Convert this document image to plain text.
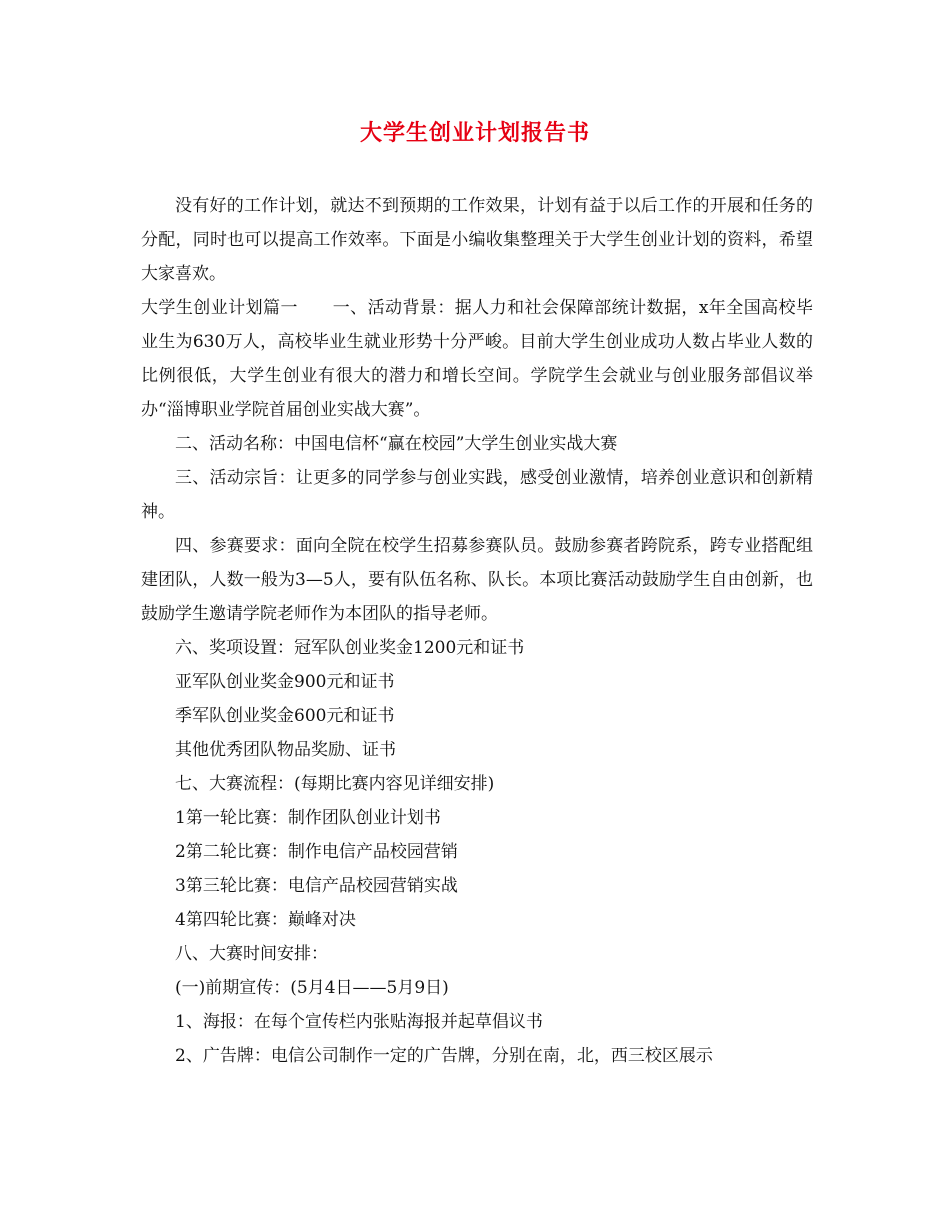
大学生创业计划报告书

没有好的工作计划，就达不到预期的工作效果，计划有益于以后工作的开展和任务的分配，同时也可以提高工作效率。下面是小编收集整理关于大学生创业计划的资料，希望大家喜欢。

大学生创业计划篇一　　一、活动背景：据人力和社会保障部统计数据，x年全国高校毕业生为630万人，高校毕业生就业形势十分严峻。目前大学生创业成功人数占毕业人数的比例很低，大学生创业有很大的潜力和增长空间。学院学生会就业与创业服务部倡议举办“淄博职业学院首届创业实战大赛”。

二、活动名称：中国电信杯“赢在校园”大学生创业实战大赛

三、活动宗旨：让更多的同学参与创业实践，感受创业激情，培养创业意识和创新精神。

四、参赛要求：面向全院在校学生招募参赛队员。鼓励参赛者跨院系，跨专业搭配组建团队，人数一般为3—5人，要有队伍名称、队长。本项比赛活动鼓励学生自由创新，也鼓励学生邀请学院老师作为本团队的指导老师。

六、奖项设置：冠军队创业奖金1200元和证书

亚军队创业奖金900元和证书

季军队创业奖金600元和证书

其他优秀团队物品奖励、证书

七、大赛流程：(每期比赛内容见详细安排)

1第一轮比赛：制作团队创业计划书

2第二轮比赛：制作电信产品校园营销

3第三轮比赛：电信产品校园营销实战

4第四轮比赛：巅峰对决

八、大赛时间安排：

(一)前期宣传：(5月4日——5月9日)

1、海报：在每个宣传栏内张贴海报并起草倡议书

2、广告牌：电信公司制作一定的广告牌，分别在南，北，西三校区展示
